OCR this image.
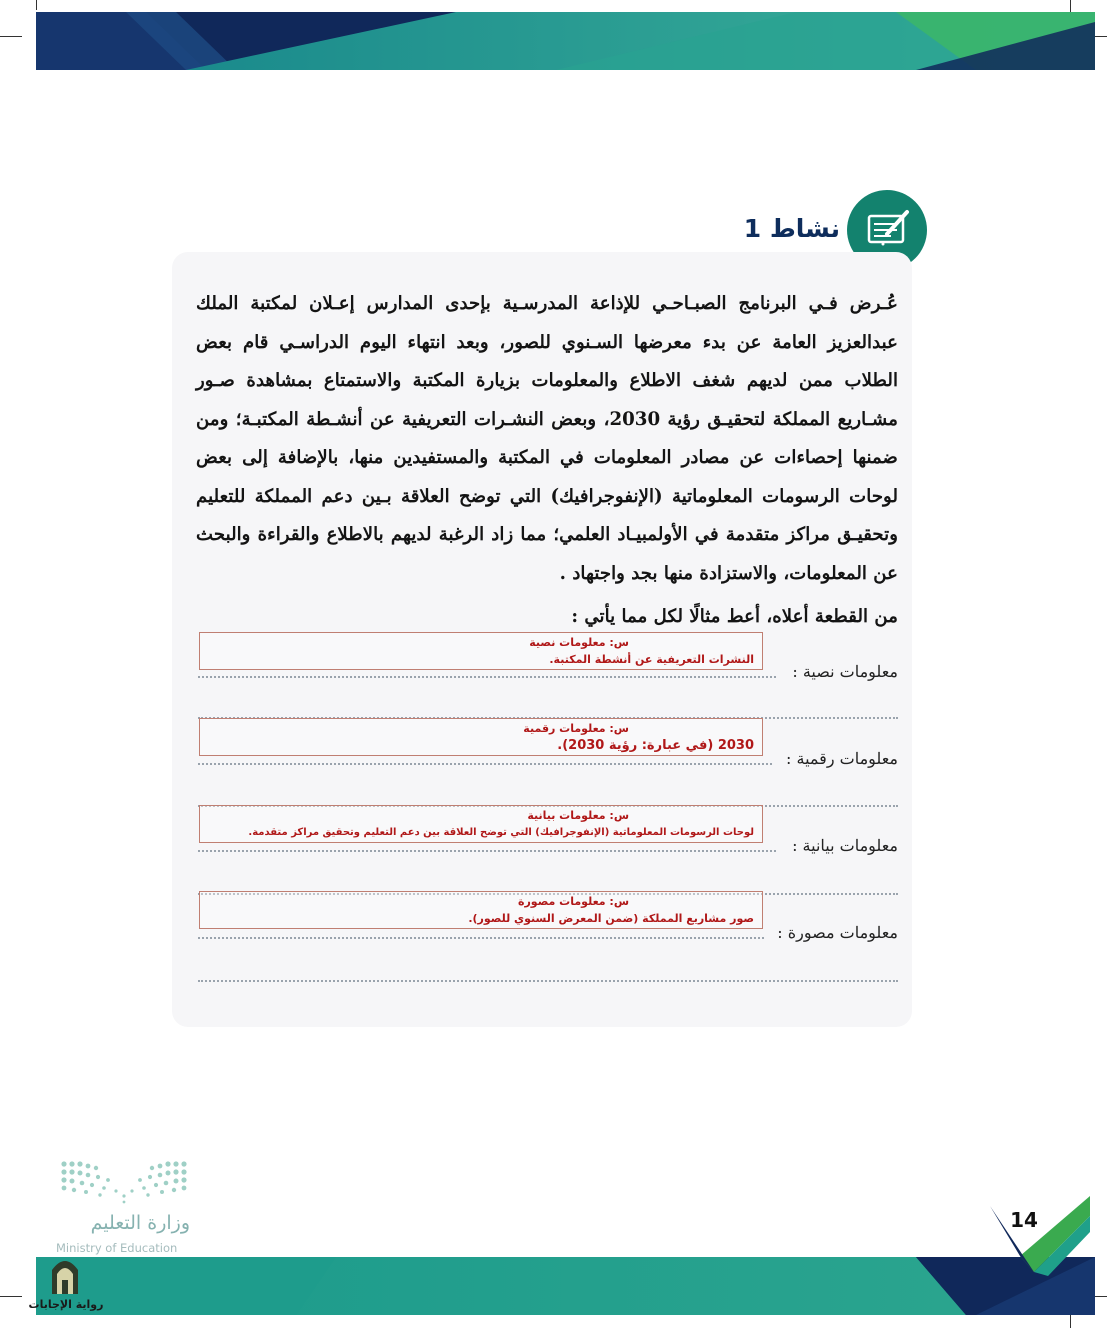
نشاط 1
عُـرض فـي البرنامج الصبـاحـي للإذاعة المدرسـية بإحدى المدارس إعـلان لمكتبة الملك عبدالعزيز العامة عن بدء معرضها السـنوي للصور، وبعد انتهاء اليوم الدراسـي قام بعض الطلاب ممن لديهم شغف الاطلاع والمعلومات بزيارة المكتبة والاستمتاع بمشاهدة صـور مشـاريع المملكة لتحقيـق رؤية 2030، وبعض النشـرات التعريفية عن أنشـطة المكتبـة؛ ومن ضمنها إحصاءات عن مصادر المعلومات في المكتبة والمستفيدين منها، بالإضافة إلى بعض لوحات الرسومات المعلوماتية (الإنفوجرافيك) التي توضح العلاقة بـين دعم المملكة للتعليم وتحقيـق مراكز متقدمة في الأولمبيـاد العلمي؛ مما زاد الرغبة لديهم بالاطلاع والقراءة والبحث عن المعلومات، والاستزادة منها بجد واجتهاد .
من القطعة أعلاه، أعط مثالًا لكل مما يأتي :
س: معلومات نصية
النشرات التعريفية عن أنشطة المكتبة.
معلومات نصية :
س: معلومات رقمية
2030 (في عبارة: رؤية 2030).
معلومات رقمية :
س: معلومات بيانية
لوحات الرسومات المعلوماتية (الإنفوجرافيك) التي توضح العلاقة بين دعم التعليم وتحقيق مراكز متقدمة.
معلومات بيانية :
س: معلومات مصورة
صور مشاريع المملكة (ضمن المعرض السنوي للصور).
معلومات مصورة :
وزارة التعليم
Ministry of Education
14
رواية الإجابات
